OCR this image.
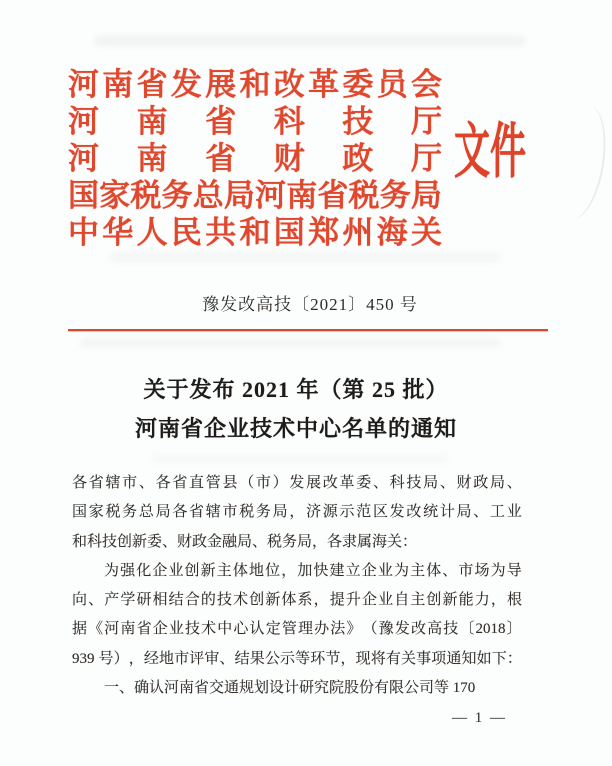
河 南 省 发 展 和 改 革 委 员 会
河 南 省 科 技 厅
河 南 省 财 政 厅
国 家 税 务 总 局 河 南 省 税 务 局
中 华 人 民 共 和 国 郑 州 海 关
文件
豫发改高技〔2021〕450 号
关于发布 2021 年（第 25 批）
河南省企业技术中心名单的通知
各 省 辖 市 、 各 省 直 管 县 （ 市 ） 发 展 改 革 委 、 科 技 局 、 财 政 局 、
国 家 税 务 总 局 各 省 辖 市 税 务 局 ， 济 源 示 范 区 发 改 统 计 局 、 工 业
和科技创新委、财政金融局、税务局，各隶属海关：
为 强 化 企 业 创 新 主 体 地 位 ， 加 快 建 立 企 业 为 主 体 、 市 场 为 导
向 、 产 学 研 相 结 合 的 技 术 创 新 体 系 ， 提 升 企 业 自 主 创 新 能 力 ， 根
据 《 河 南 省 企 业 技 术 中 心 认 定 管 理 办 法 》 （ 豫 发 改 高 技 〔 2018 〕
939
号 ） ， 经 地 市 评 审 、 结 果 公 示 等 环 节 ， 现 将 有 关 事 项 通 知 如 下 ：
一、确认河南省交通规划设计研究院股份有限公司等 170
— 1 —
